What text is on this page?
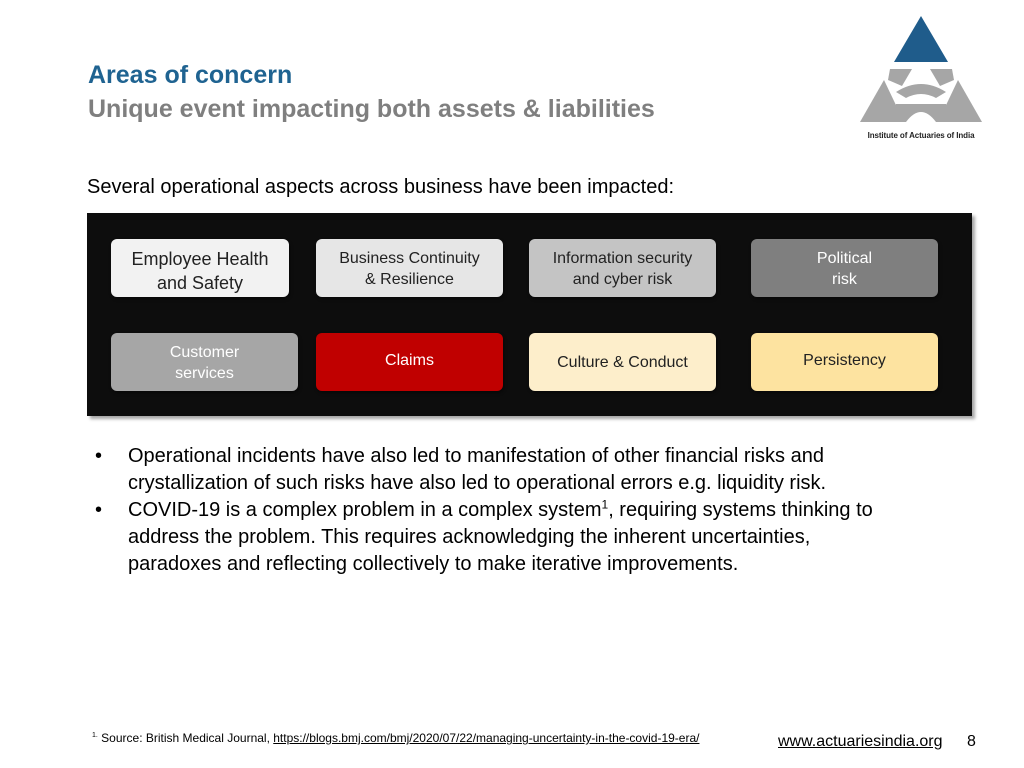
Areas of concern
Unique event impacting both assets & liabilities
Institute of Actuaries of India
Several operational aspects across business have been impacted:
Employee Health
and Safety
Business Continuity
& Resilience
Information security
and cyber risk
Political
risk
Customer
services
Claims	Culture & Conduct	Persistency
• Operational incidents have also led to manifestation of other financial risks and crystallization of such risks have also led to operational errors e.g. liquidity risk.
• COVID-19 is a complex problem in a complex system$^1$, requiring systems thinking to address the problem. This requires acknowledging the inherent uncertainties, paradoxes and reflecting collectively to make iterative improvements.
$^{1.}$ Source: British Medical Journal, https://blogs.bmj.com/bmj/2020/07/22/managing-uncertainty-in-the-covid-19-era/	www.actuariesindia.org 8
